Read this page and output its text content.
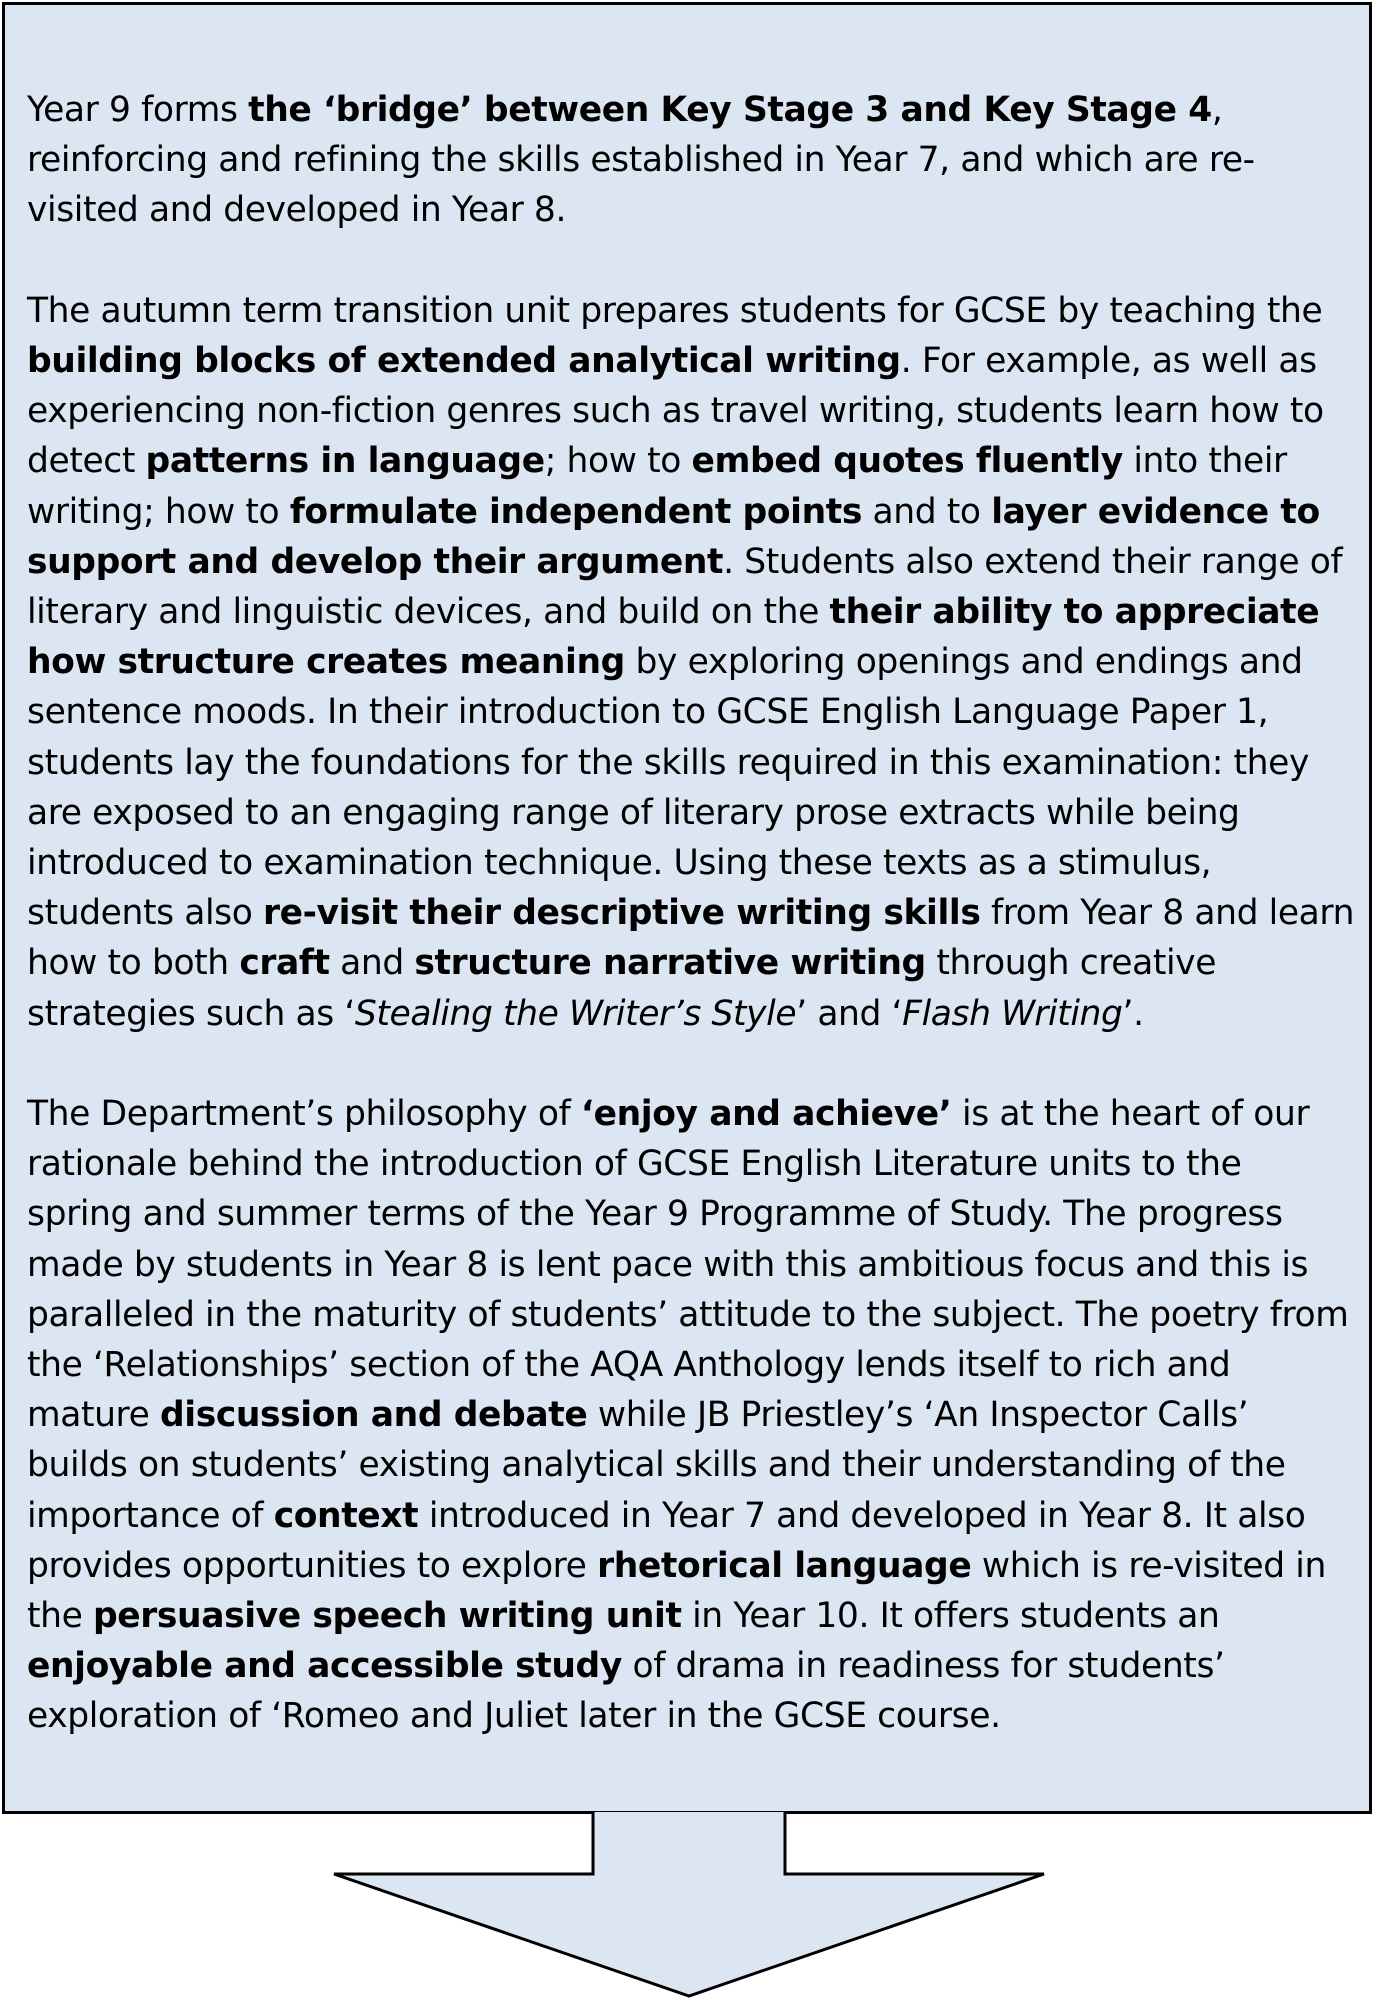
Year 9 forms the ‘bridge’ between Key Stage 3 and Key Stage 4, reinforcing and refining the skills established in Year 7, and which are re-visited and developed in Year 8.

The autumn term transition unit prepares students for GCSE by teaching the building blocks of extended analytical writing. For example, as well as experiencing non-fiction genres such as travel writing, students learn how to detect patterns in language; how to embed quotes fluently into their writing; how to formulate independent points and to layer evidence to support and develop their argument. Students also extend their range of literary and linguistic devices, and build on the their ability to appreciate how structure creates meaning by exploring openings and endings and sentence moods. In their introduction to GCSE English Language Paper 1, students lay the foundations for the skills required in this examination: they are exposed to an engaging range of literary prose extracts while being introduced to examination technique. Using these texts as a stimulus, students also re-visit their descriptive writing skills from Year 8 and learn how to both craft and structure narrative writing through creative strategies such as ‘Stealing the Writer’s Style’ and ‘Flash Writing’.

The Department’s philosophy of ‘enjoy and achieve’ is at the heart of our rationale behind the introduction of GCSE English Literature units to the spring and summer terms of the Year 9 Programme of Study. The progress made by students in Year 8 is lent pace with this ambitious focus and this is paralleled in the maturity of students’ attitude to the subject. The poetry from the ‘Relationships’ section of the AQA Anthology lends itself to rich and mature discussion and debate while JB Priestley’s ‘An Inspector Calls’ builds on students’ existing analytical skills and their understanding of the importance of context introduced in Year 7 and developed in Year 8. It also provides opportunities to explore rhetorical language which is re-visited in the persuasive speech writing unit in Year 10. It offers students an enjoyable and accessible study of drama in readiness for students’ exploration of ‘Romeo and Juliet later in the GCSE course.
